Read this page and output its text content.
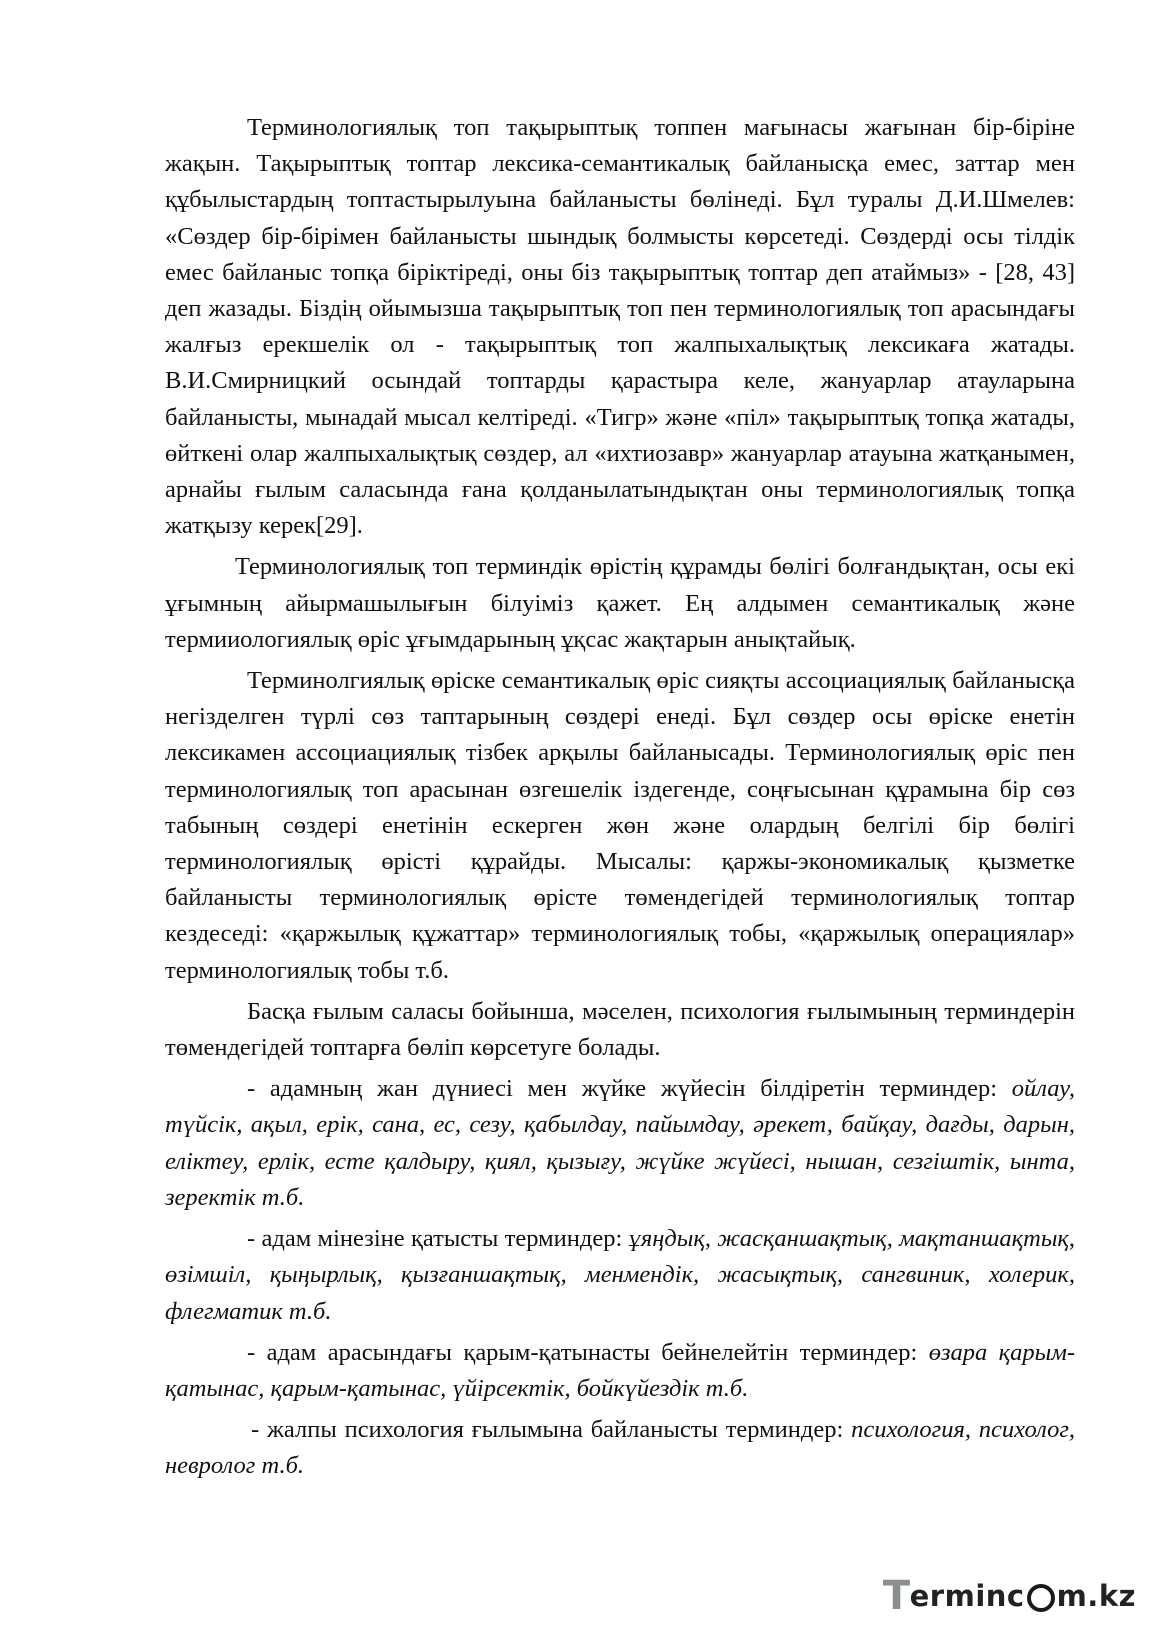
Терминологиялық топ тақырыптық топпен мағынасы жағынан бір-біріне жақын. Тақырыптық топтар лексика-семантикалық байланысқа емес, заттар мен құбылыстардың топтастырылуына байланысты бөлінеді. Бұл туралы Д.И.Шмелев: «Сөздер бір-бірімен байланысты шындық болмысты көрсетеді. Сөздерді осы тілдік емес байланыс топқа біріктіреді, оны біз тақырыптық топтар деп атаймыз» - [28, 43] деп жазады. Біздің ойымызша тақырыптық топ пен терминологиялық топ арасындағы жалғыз ерекшелік ол - тақырыптық топ жалпыхалықтық лексикаға жатады. В.И.Смирницкий осындай топтарды қарастыра келе, жануарлар атауларына байланысты, мынадай мысал келтіреді. «Тигр» және «піл» тақырыптық топқа жатады, өйткені олар жалпыхалықтық сөздер, ал «ихтиозавр» жануарлар атауына жатқанымен, арнайы ғылым саласында ғана қолданылатындықтан оны терминологиялық топқа жатқызу керек[29].

Терминологиялық топ терминдік өрістің құрамды бөлігі болғандықтан, осы екі ұғымның айырмашылығын білуіміз қажет. Ең алдымен семантикалық және термииологиялық өріс ұғымдарының ұқсас жақтарын анықтайық.

Терминолгиялық өріске семантикалық өріс сияқты ассоциациялық байланысқа негізделген түрлі сөз таптарының сөздері енеді. Бұл сөздер осы өріске енетін лексикамен ассоциациялық тізбек арқылы байланысады. Терминологиялық өріс пен терминологиялық топ арасынан өзгешелік іздегенде, соңғысынан құрамына бір сөз табының сөздері енетінін ескерген жөн және олардың белгілі бір бөлігі терминологиялық өрісті құрайды. Мысалы: қаржы-экономикалық қызметке байланысты терминологиялық өрісте төмендегідей терминологиялық топтар кездеседі: «қаржылық құжаттар» терминологиялық тобы, «қаржылық операциялар» терминологиялық тобы т.б.

Басқа ғылым саласы бойынша, мәселен, психология ғылымының терминдерін төмендегідей топтарға бөліп көрсетуге болады.

- адамның жан дүниесі мен жүйке жүйесін білдіретін терминдер: ойлау, түйсік, ақыл, ерік, сана, ес, сезу, қабылдау, пайымдау, әрекет, байқау, дағды, дарын, еліктеу, ерлік, есте қалдыру, қиял, қызығу, жүйке жүйесі, нышан, сезгіштік, ынта, зеректік т.б.

- адам мінезіне қатысты терминдер: ұяңдық, жасқаншақтық, мақтаншақтық, өзімшіл, қыңырлық, қызғаншақтық, менмендік, жасықтық, сангвиник, холерик, флегматик т.б.

- адам арасындағы қарым-қатынасты бейнелейтін терминдер: өзара қарым-қатынас, қарым-қатынас, үйірсектік, бойкүйездік т.б.

- жалпы психология ғылымына байланысты терминдер: психология, психолог, невролог т.б.

T erminc m.kz
